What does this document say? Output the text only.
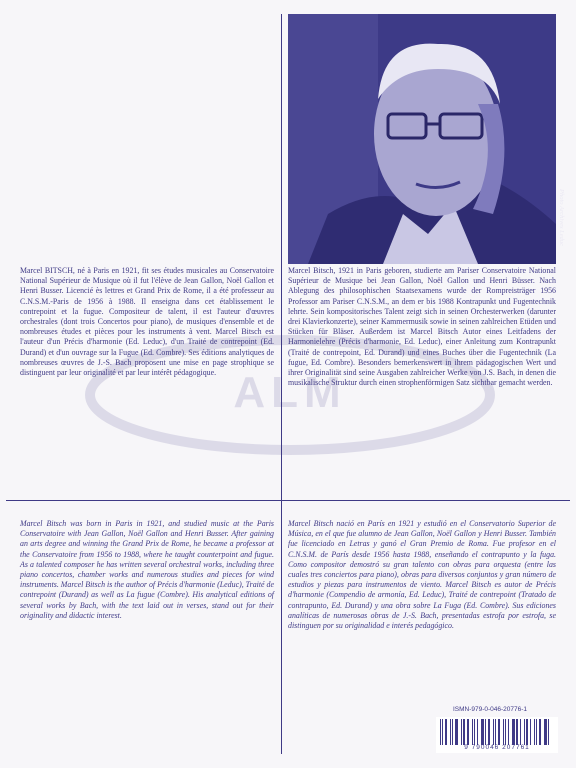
Photo Archives Leduc
ALM

Marcel BITSCH, né à Paris en 1921, fit ses études musicales au Conservatoire National Supérieur de Musique où il fut l'élève de Jean Gallon, Noël Gallon et Henri Busser. Licencié ès lettres et Grand Prix de Rome, il a été professeur au C.N.S.M.-Paris de 1956 à 1988. Il enseigna dans cet établissement le contrepoint et la fugue. Compositeur de talent, il est l'auteur d'œuvres orchestrales (dont trois Concertos pour piano), de musiques d'ensemble et de nombreuses études et pièces pour les instruments à vent. Marcel Bitsch est l'auteur d'un Précis d'harmonie (Ed. Leduc), d'un Traité de contrepoint (Ed. Durand) et d'un ouvrage sur la Fugue (Ed. Combre). Ses éditions analytiques de nombreuses œuvres de J.-S. Bach proposent une mise en page strophique se distinguent par leur originalité et par leur intérêt pédagogique.

Marcel Bitsch, 1921 in Paris geboren, studierte am Pariser Conservatoire National Supérieur de Musique bei Jean Gallon, Noël Gallon und Henri Büsser. Nach Ablegung des philosophischen Staatsexamens wurde der Rompreisträger 1956 Professor am Pariser C.N.S.M., an dem er bis 1988 Kontrapunkt und Fugentechnik lehrte. Sein kompositorisches Talent zeigt sich in seinen Orchesterwerken (darunter drei Klavierkonzerte), seiner Kammermusik sowie in seinen zahlreichen Etüden und Stücken für Bläser. Außerdem ist Marcel Bitsch Autor eines Leitfadens der Harmonielehre (Précis d'harmonie, Ed. Leduc), einer Anleitung zum Kontrapunkt (Traité de contrepoint, Ed. Durand) und eines Buches über die Fugentechnik (La fugue, Ed. Combre). Besonders bemerkenswert in ihrem pädagogischen Wert und ihrer Originalität sind seine Ausgaben zahlreicher Werke von J.S. Bach, in denen die musikalische Struktur durch einen strophenförmigen Satz sichtbar gemacht werden.

Marcel Bitsch was born in Paris in 1921, and studied music at the Paris Conservatoire with Jean Gallon, Noël Gallon and Henri Busser. After gaining an arts degree and winning the Grand Prix de Rome, he became a professor at the Conservatoire from 1956 to 1988, where he taught counterpoint and fugue. As a talented composer he has written several orchestral works, including three piano concertos, chamber works and numerous studies and pieces for wind instruments. Marcel Bitsch is the author of Précis d'harmonie (Leduc), Traité de contrepoint (Durand) as well as La fugue (Combre). His analytical editions of several works by Bach, with the text laid out in verses, stand out for their originality and didactic interest.

Marcel Bitsch nació en París en 1921 y estudió en el Conservatorio Superior de Música, en el que fue alumno de Jean Gallon, Noël Gallon y Henri Busser. También fue licenciado en Letras y ganó el Gran Premio de Roma. Fue profesor en el C.N.S.M. de París desde 1956 hasta 1988, enseñando el contrapunto y la fuga. Como compositor demostró su gran talento con obras para orquesta (entre las cuales tres conciertos para piano), obras para diversos conjuntos y gran número de estudios y piezas para instrumentos de viento. Marcel Bitsch es autor de Précis d'harmonie (Compendio de armonía, Ed. Leduc), Traité de contrepoint (Tratado de contrapunto, Ed. Durand) y una obra sobre La Fuga (Ed. Combre). Sus ediciones analíticas de numerosas obras de J.-S. Bach, presentadas estrofa por estrofa, se distinguen por su originalidad e interés pedagógico.

ISMN-979-0-046-20776-1
9 790046 207761
